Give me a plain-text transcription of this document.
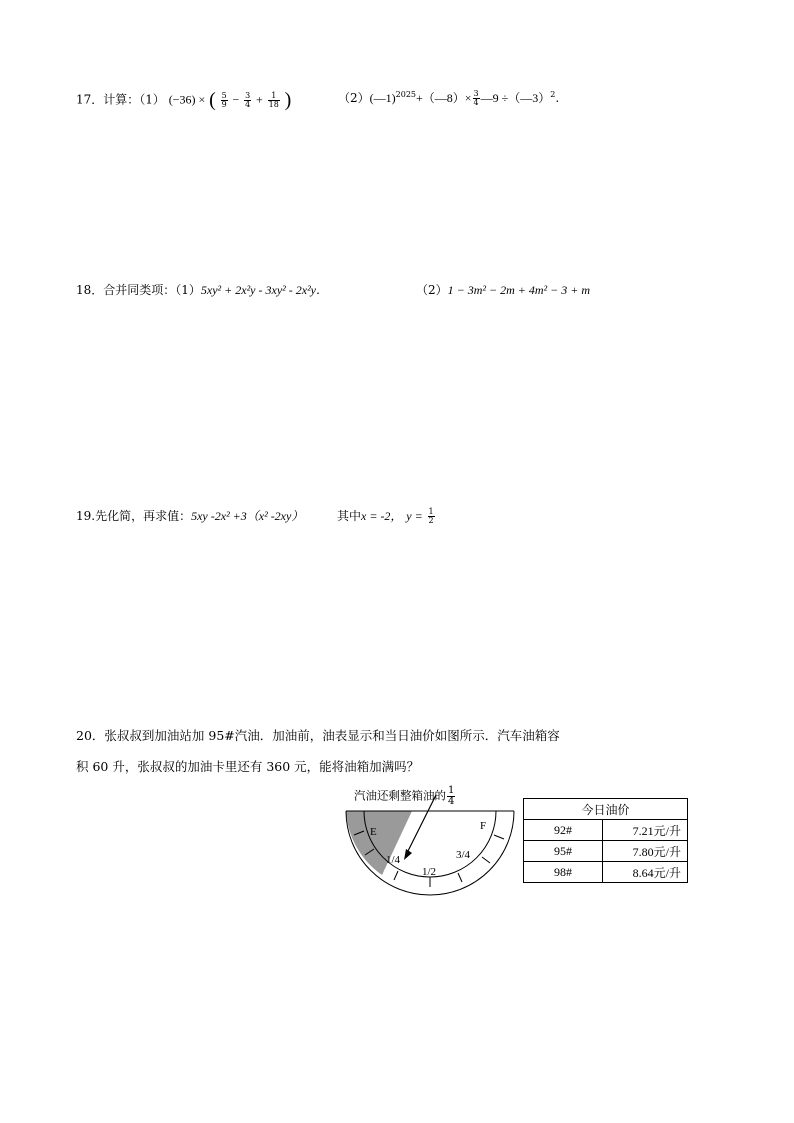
17．计算：（1） (−36) × ( $\frac{5}{9} - \frac{3}{4} + \frac{1}{18}$ )	（2）(—1)$^{2025}$+（—8）× $\frac{3}{4}$ —9 ÷（—3）$^2$.
18．合并同类项：（1）5xy² + 2x²y - 3xy² - 2x²y．	（2）1 − 3m² − 2m + 4m² − 3 + m
19.先化简，再求值：5xy -2x² +3（x² -2xy）	其中x = -2， $y = \frac{1}{2}$
20．张叔叔到加油站加 95#汽油．加油前，油表显示和当日油价如图所示．汽车油箱容
积 60 升，张叔叔的加油卡里还有 360 元，能将油箱加满吗？
E	F
1/4
1/2
3/4
汽油还剩整箱油的 $\frac{1}{4}$
今日油价	
92#	7.21元/升
95#	7.80元/升
98#	8.64元/升
